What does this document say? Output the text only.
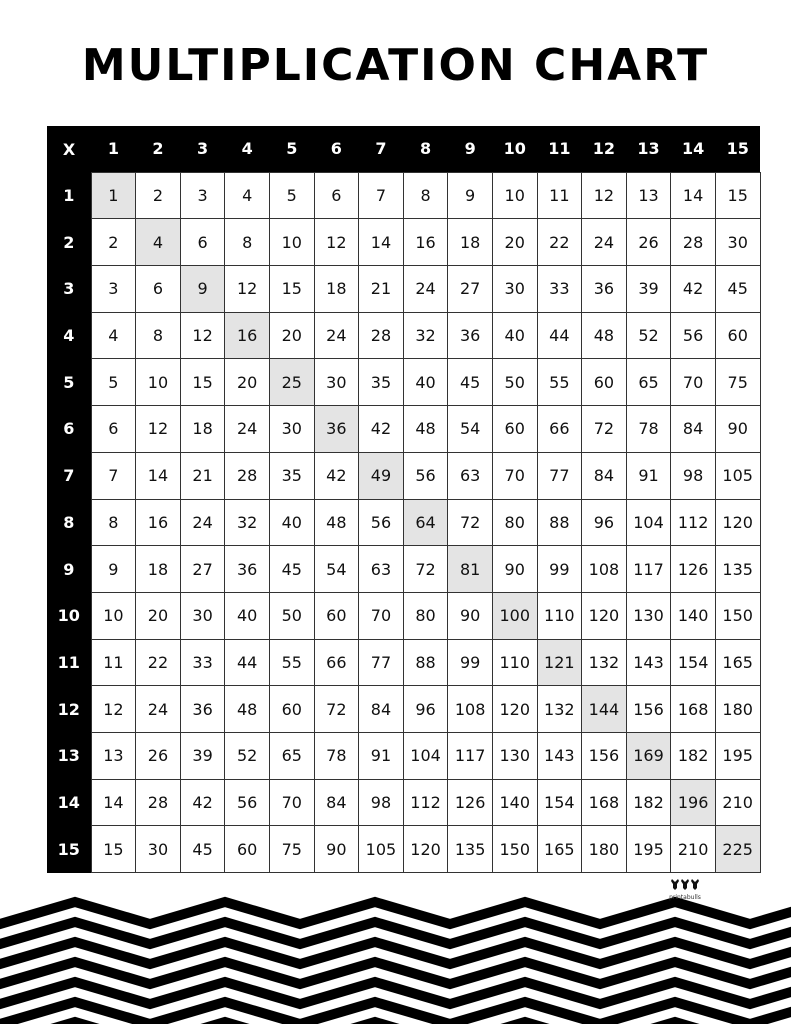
MULTIPLICATION CHART
X	1	2	3	4	5	6	7	8	9	10	11	12	13	14	15
1	1	2	3	4	5	6	7	8	9	10	11	12	13	14	15
2	2	4	6	8	10	12	14	16	18	20	22	24	26	28	30
3	3	6	9	12	15	18	21	24	27	30	33	36	39	42	45
4	4	8	12	16	20	24	28	32	36	40	44	48	52	56	60
5	5	10	15	20	25	30	35	40	45	50	55	60	65	70	75
6	6	12	18	24	30	36	42	48	54	60	66	72	78	84	90
7	7	14	21	28	35	42	49	56	63	70	77	84	91	98	105
8	8	16	24	32	40	48	56	64	72	80	88	96	104	112	120
9	9	18	27	36	45	54	63	72	81	90	99	108	117	126	135
10	10	20	30	40	50	60	70	80	90	100	110	120	130	140	150
11	11	22	33	44	55	66	77	88	99	110	121	132	143	154	165
12	12	24	36	48	60	72	84	96	108	120	132	144	156	168	180
13	13	26	39	52	65	78	91	104	117	130	143	156	169	182	195
14	14	28	42	56	70	84	98	112	126	140	154	168	182	196	210
15	15	30	45	60	75	90	105	120	135	150	165	180	195	210	225
printabulls
